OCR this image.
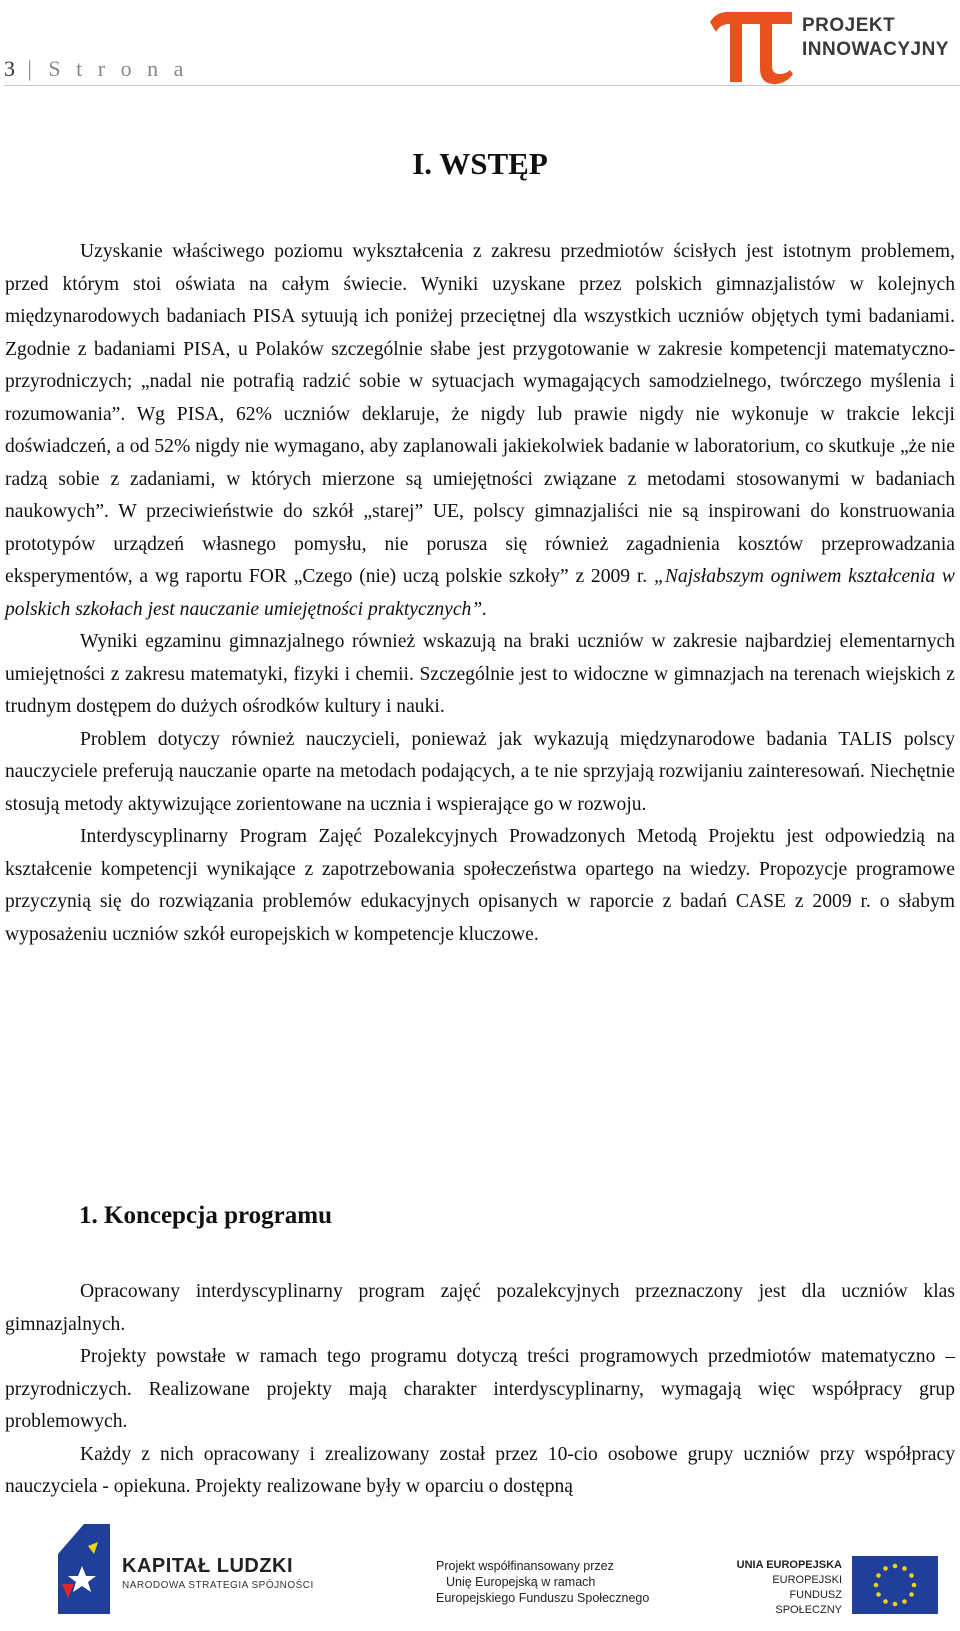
3 | S t r o n a
PROJEKT
INNOWACYJNY
I. WSTĘP

Uzyskanie właściwego poziomu wykształcenia z zakresu przedmiotów ścisłych jest istotnym problemem, przed którym stoi oświata na całym świecie. Wyniki uzyskane przez polskich gimnazjalistów w kolejnych międzynarodowych badaniach PISA sytuują ich poniżej przeciętnej dla wszystkich uczniów objętych tymi badaniami. Zgodnie z badaniami PISA, u Polaków szczególnie słabe jest przygotowanie w zakresie kompetencji matematyczno-przyrodniczych; „nadal nie potrafią radzić sobie w sytuacjach wymagających samodzielnego, twórczego myślenia i rozumowania”. Wg PISA, 62% uczniów deklaruje, że nigdy lub prawie nigdy nie wykonuje w trakcie lekcji doświadczeń, a od 52% nigdy nie wymagano, aby zaplanowali jakiekolwiek badanie w laboratorium, co skutkuje „że nie radzą sobie z zadaniami, w których mierzone są umiejętności związane z metodami stosowanymi w badaniach naukowych”. W przeciwieństwie do szkół „starej” UE, polscy gimnazjaliści nie są inspirowani do konstruowania prototypów urządzeń własnego pomysłu, nie porusza się również zagadnienia kosztów przeprowadzania eksperymentów, a wg raportu FOR „Czego (nie) uczą polskie szkoły” z 2009 r. „Najsłabszym ogniwem kształcenia w polskich szkołach jest nauczanie umiejętności praktycznych”.

Wyniki egzaminu gimnazjalnego również wskazują na braki uczniów w zakresie najbardziej elementarnych umiejętności z zakresu matematyki, fizyki i chemii. Szczególnie jest to widoczne w gimnazjach na terenach wiejskich z trudnym dostępem do dużych ośrodków kultury i nauki.

Problem dotyczy również nauczycieli, ponieważ jak wykazują międzynarodowe badania TALIS polscy nauczyciele preferują nauczanie oparte na metodach podających, a te nie sprzyjają rozwijaniu zainteresowań. Niechętnie stosują metody aktywizujące zorientowane na ucznia i wspierające go w rozwoju.

Interdyscyplinarny Program Zajęć Pozalekcyjnych Prowadzonych Metodą Projektu jest odpowiedzią na kształcenie kompetencji wynikające z zapotrzebowania społeczeństwa opartego na wiedzy. Propozycje programowe przyczynią się do rozwiązania problemów edukacyjnych opisanych w raporcie z badań CASE z 2009 r. o słabym wyposażeniu uczniów szkół europejskich w kompetencje kluczowe.

1. Koncepcja programu

Opracowany interdyscyplinarny program zajęć pozalekcyjnych przeznaczony jest dla uczniów klas gimnazjalnych.

Projekty powstałe w ramach tego programu dotyczą treści programowych przedmiotów matematyczno – przyrodniczych. Realizowane projekty mają charakter interdyscyplinarny, wymagają więc współpracy grup problemowych.

Każdy z nich opracowany i zrealizowany został przez 10-cio osobowe grupy uczniów przy współpracy nauczyciela - opiekuna. Projekty realizowane były w oparciu o dostępną

KAPITAŁ LUDZKI
NARODOWA STRATEGIA SPÓJNOŚCI
Projekt współfinansowany przez
Unię Europejską w ramach
Europejskiego Funduszu Społecznego
UNIA EUROPEJSKA
EUROPEJSKI
FUNDUSZ SPOŁECZNY
